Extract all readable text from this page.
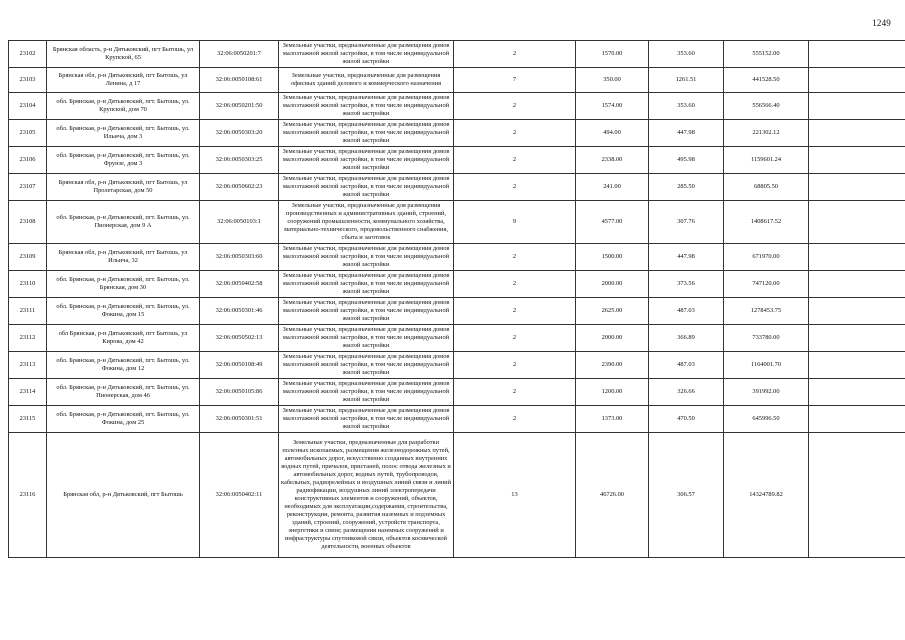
1249
23102	Брянская область, р-н Дятьковский, пгт Бытошь, ул Крупской, 65	32:06:0050201:7	Земельные участки, предназначенные для размещения домов малоэтажной жилой застройки, в том числе индивидуальной жилой застройки	2	1570.00	353.60	555152.00	
23103	Брянская обл, р-н Дятьковский, пгт Бытошь, ул Ленина, д 17	32:06:0050108:61	Земельные участки, предназначенные для размещения офисных зданий делового и коммерческого назначения	7	350.00	1261.51	441528.50	
23104	обл. Брянская, р-н Дятьковский, пгт. Бытошь, ул. Крупской, дом 70	32:06:0050201:50	Земельные участки, предназначенные для размещения домов малоэтажной жилой застройки, в том числе индивидуальной жилой застройки	2	1574.00	353.60	556566.40	
23105	обл. Брянская, р-н Дятьковский, пгт. Бытошь, ул. Ильича, дом 3	32:06:0050303:20	Земельные участки, предназначенные для размещения домов малоэтажной жилой застройки, в том числе индивидуальной жилой застройки	2	494.00	447.98	221302.12	
23106	обл. Брянская, р-н Дятьковский, пгт. Бытошь, ул. Фрунзе, дом 3	32:06:0050303:25	Земельные участки, предназначенные для размещения домов малоэтажной жилой застройки, в том числе индивидуальной жилой застройки	2	2338.00	495.98	1159601.24	
23107	Брянская обл, р-н Дятьковский, пгт Бытошь, ул Пролетарская, дом 50	32:06:0050602:23	Земельные участки, предназначенные для размещения домов малоэтажной жилой застройки, в том числе индивидуальной жилой застройки	2	241.00	285.50	68805.50	
23108	обл. Брянская, р-н Дятьковский, пгт. Бытошь, ул. Пионерская, дом 9 А	32:06:0050103:1	Земельные участки, предназначенные для размещения производственных и административных зданий, строений, сооружений промышленности, коммунального хозяйства, материально-технического, продовольственного снабжения, сбыта и заготовок	9	4577.00	307.76	1408617.52	
23109	Брянская обл, р-н Дятьковский, пгт Бытошь, ул Ильича, 32	32:06:0050303:60	Земельные участки, предназначенные для размещения домов малоэтажной жилой застройки, в том числе индивидуальной жилой застройки	2	1500.00	447.98	671970.00	
23110	обл. Брянская, р-н Дятьковский, пгт. Бытошь, ул. Брянская, дом 30	32:06:0050402:58	Земельные участки, предназначенные для размещения домов малоэтажной жилой застройки, в том числе индивидуальной жилой застройки	2	2000.00	373.56	747120.00	
23111	обл. Брянская, р-н Дятьковский, пгт. Бытошь, ул. Фокина, дом 15	32:06:0050301:46	Земельные участки, предназначенные для размещения домов малоэтажной жилой застройки, в том числе индивидуальной жилой застройки	2	2625.00	487.03	1278453.75	
23112	обл Брянская, р-н Дятьковский, пгт Бытошь, ул Кирова, дом 42	32:06:0050502:13	Земельные участки, предназначенные для размещения домов малоэтажной жилой застройки, в том числе индивидуальной жилой застройки	2	2000.00	366.89	733780.00	
23113	обл. Брянская, р-н Дятьковский, пгт. Бытошь, ул. Фокина, дом 12	32:06:0050108:49	Земельные участки, предназначенные для размещения домов малоэтажной жилой застройки, в том числе индивидуальной жилой застройки	2	2390.00	487.03	1164001.70	
23114	обл. Брянская, р-н Дятьковский, пгт. Бытошь, ул. Пионерская, дом 46	32:06:0050105:86	Земельные участки, предназначенные для размещения домов малоэтажной жилой застройки, в том числе индивидуальной жилой застройки	2	1200.00	326.66	391992.00	
23115	обл. Брянская, р-н Дятьковский, пгт. Бытошь, ул. Фокина, дом 25	32:06:0050301:51	Земельные участки, предназначенные для размещения домов малоэтажной жилой застройки, в том числе индивидуальной жилой застройки	2	1373.00	470.50	645996.50	
23116	Брянская обл, р-н Дятьковский, пгт Бытошь	32:06:0050402:11	Земельные участки, предназначенные для разработки полезных ископаемых, размещения железнодорожных путей, автомобильных дорог, искусственно созданных внутренних водных путей, причалов, пристаней, полос отвода железных и автомобильных дорог, водных путей, трубопроводов, кабельных, радиорелейных и воздушных линий связи и линий радиофикации, воздушных линий электропередачи конструктивных элементов и сооружений, объектов, необходимых для эксплуатации,содержания, строительства, реконструкции, ремонта, развития наземных и подземных зданий, строений, сооружений, устройств транспорта, энергетики и связи; размещения наземных сооружений и инфраструктуры спутниковой связи, объектов космической деятельности, военных объектов	13	46726.00	306.57	14324789.82	
